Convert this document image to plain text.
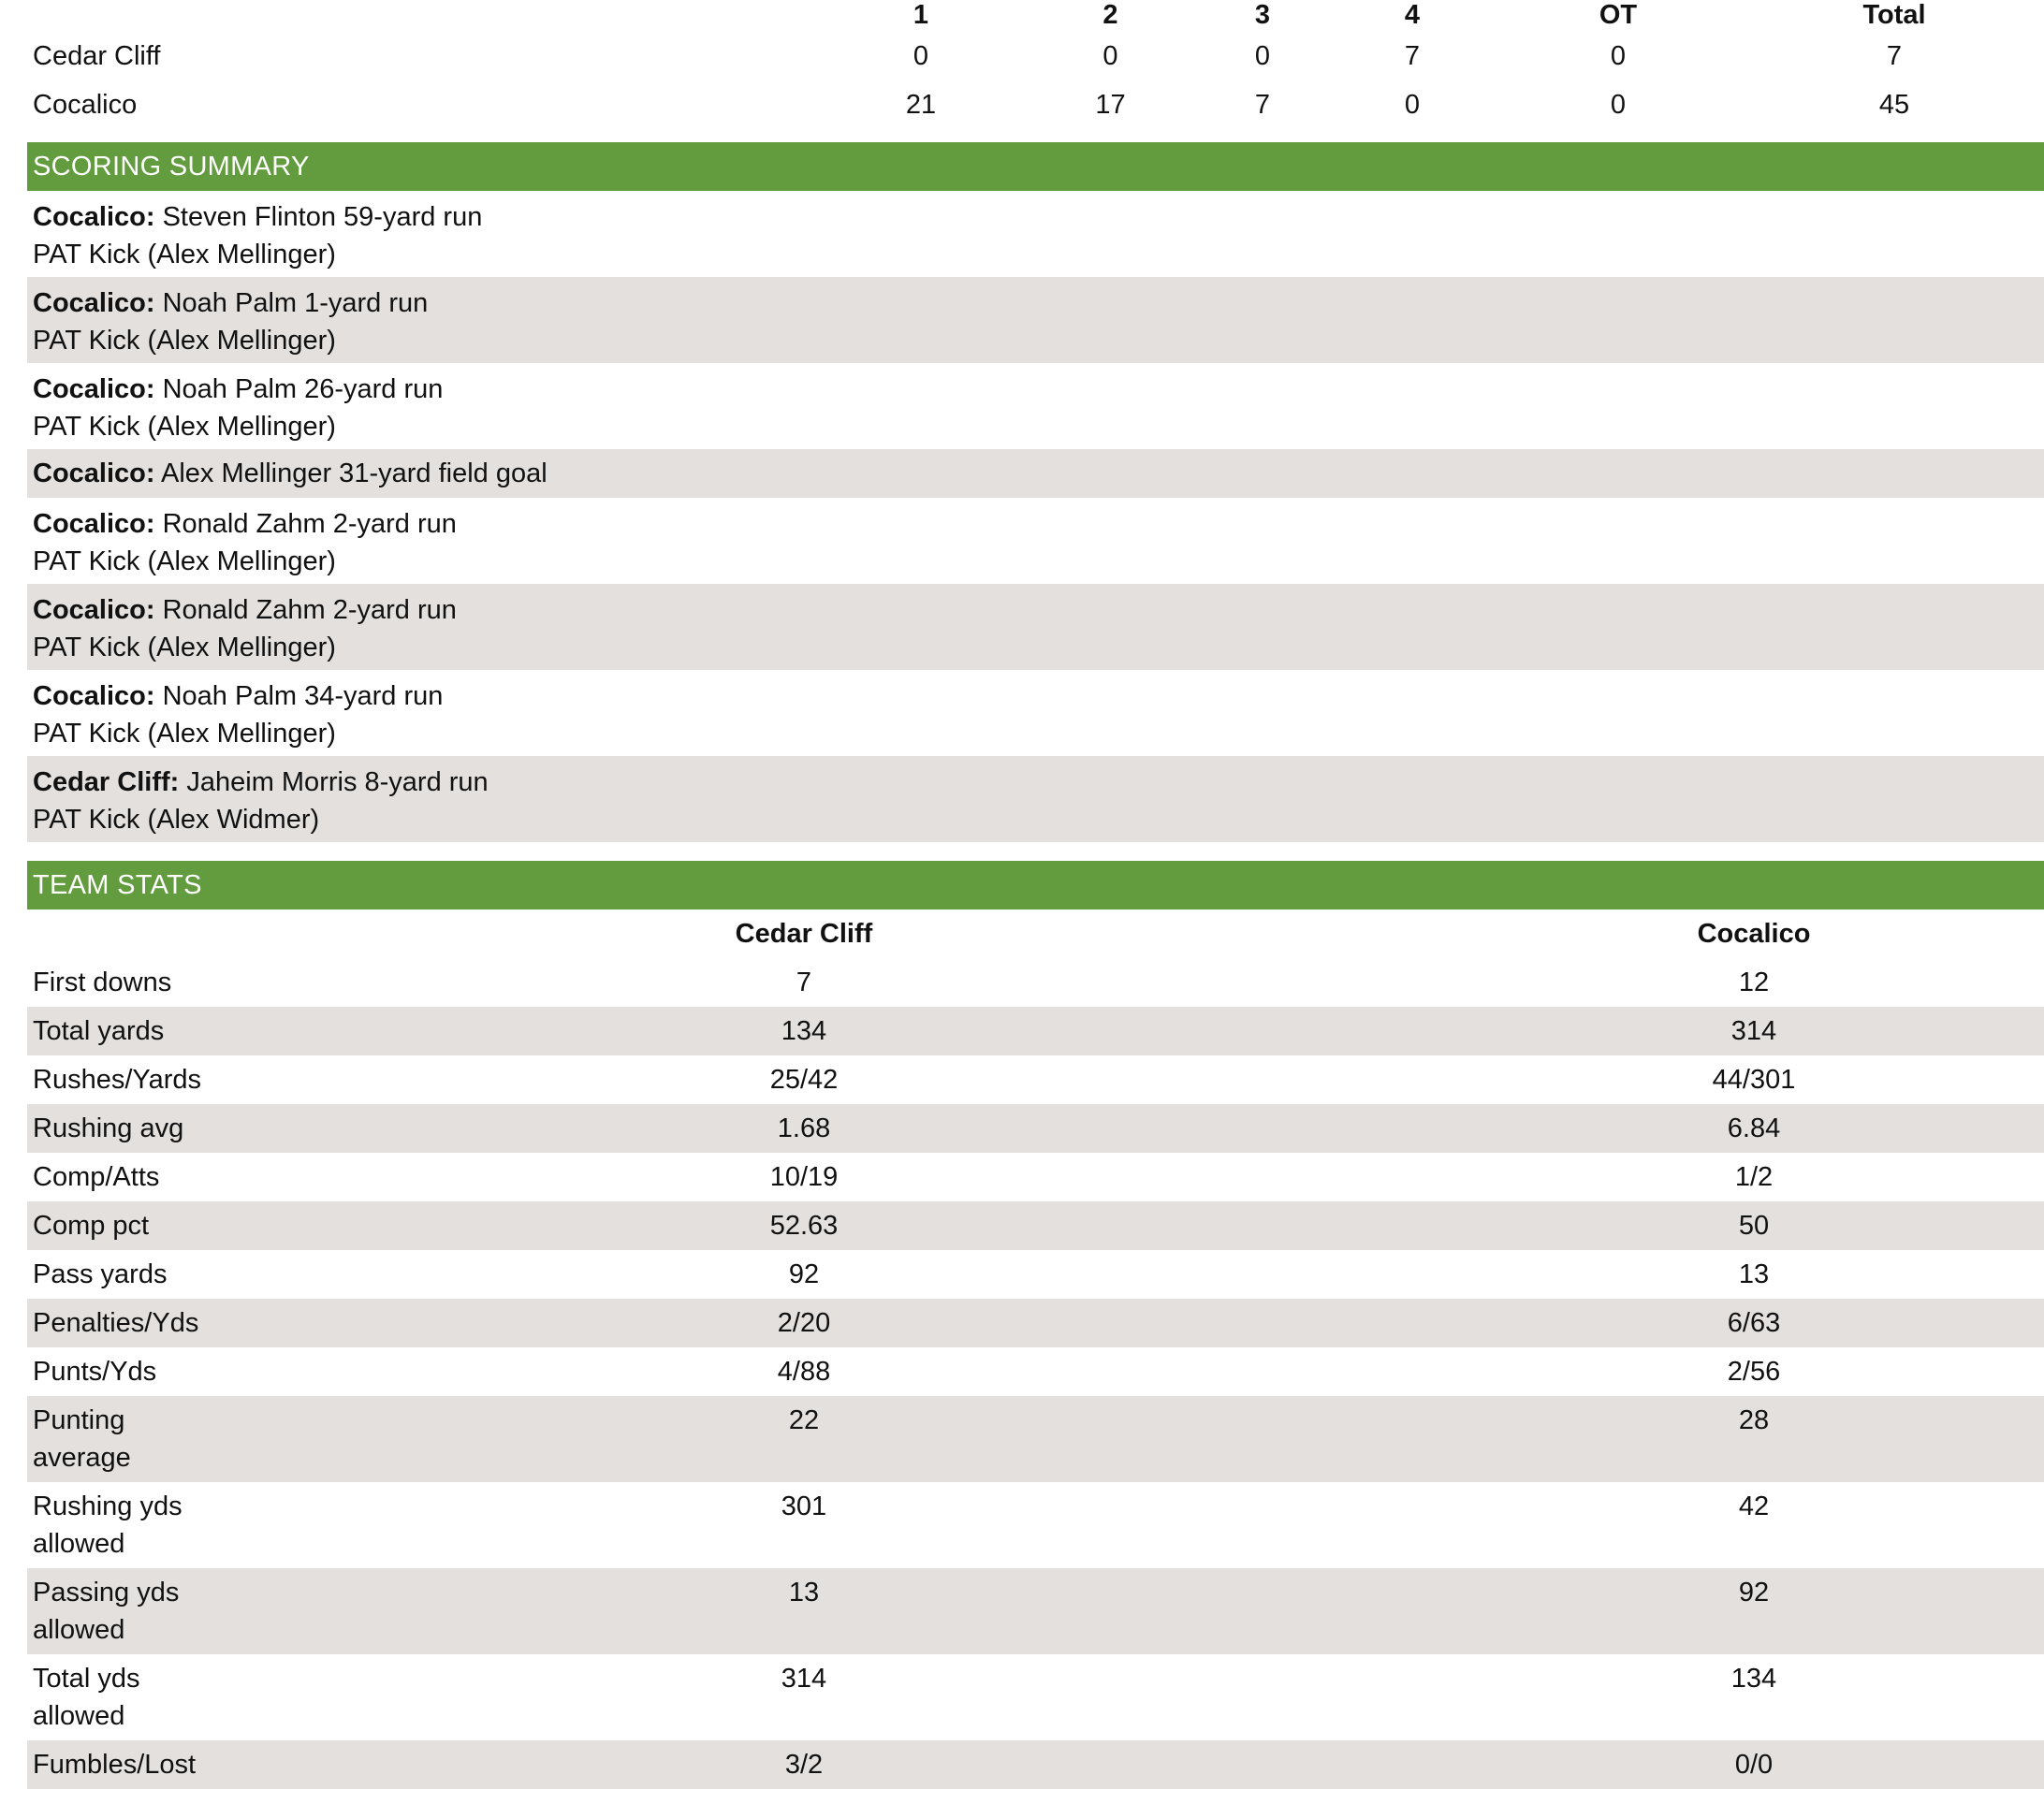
	1	2	3	4	OT	Total
Cedar Cliff	0	0	0	7	0	7
Cocalico	21	17	7	0	0	45
SCORING SUMMARY
Cocalico: Steven Flinton 59-yard run
PAT Kick (Alex Mellinger)
Cocalico: Noah Palm 1-yard run
PAT Kick (Alex Mellinger)
Cocalico: Noah Palm 26-yard run
PAT Kick (Alex Mellinger)
Cocalico: Alex Mellinger 31-yard field goal
Cocalico: Ronald Zahm 2-yard run
PAT Kick (Alex Mellinger)
Cocalico: Ronald Zahm 2-yard run
PAT Kick (Alex Mellinger)
Cocalico: Noah Palm 34-yard run
PAT Kick (Alex Mellinger)
Cedar Cliff: Jaheim Morris 8-yard run
PAT Kick (Alex Widmer)
TEAM STATS
	Cedar Cliff		Cocalico	
First downs	7		12	
Total yards	134		314	
Rushes/Yards	25/42		44/301	
Rushing avg	1.68		6.84	
Comp/Atts	10/19		1/2	
Comp pct	52.63		50	
Pass yards	92		13	
Penalties/Yds	2/20		6/63	
Punts/Yds	4/88		2/56	

Punting average	22		28	

Rushing yds allowed	301		42	

Passing yds allowed	13		92	

Total yds allowed	314		134	
Fumbles/Lost	3/2		0/0	
